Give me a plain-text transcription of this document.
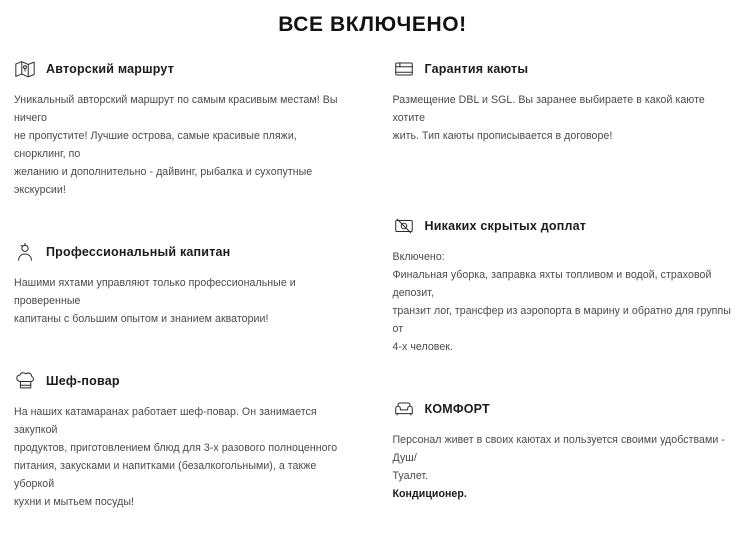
ВСЕ ВКЛЮЧЕНО!
Авторский маршрут

Уникальный авторский маршрут по самым красивым местам! Вы ничего

не пропустите! Лучшие острова, самые красивые пляжи, снорклинг, по

желанию и дополнительно - дайвинг, рыбалка и сухопутные экскурсии!

Профессиональный капитан

Нашими яхтами управляют только профессиональные и проверенные

капитаны с большим опытом и знанием акватории!

Шеф-повар

На наших катамаранах работает шеф-повар. Он занимается закупкой

продуктов, приготовлением блюд для 3-х разового полноценного

питания, закусками и напитками (безалкогольными), а также уборкой

кухни и мытьем посуды!

Гарантия каюты

Размещение DBL и SGL. Вы заранее выбираете в какой каюте хотите

жить. Тип каюты прописывается в договоре!

Никаких скрытых доплат

Включено:

Финальная уборка, заправка яхты топливом и водой, страховой депозит,

транзит лог, трансфер из аэропорта в марину и обратно для группы от

4-х человек.

КОМФОРТ

Персонал живет в своих каютах и пользуется своими удобствами - Душ/

Туалет.

Кондиционер.
